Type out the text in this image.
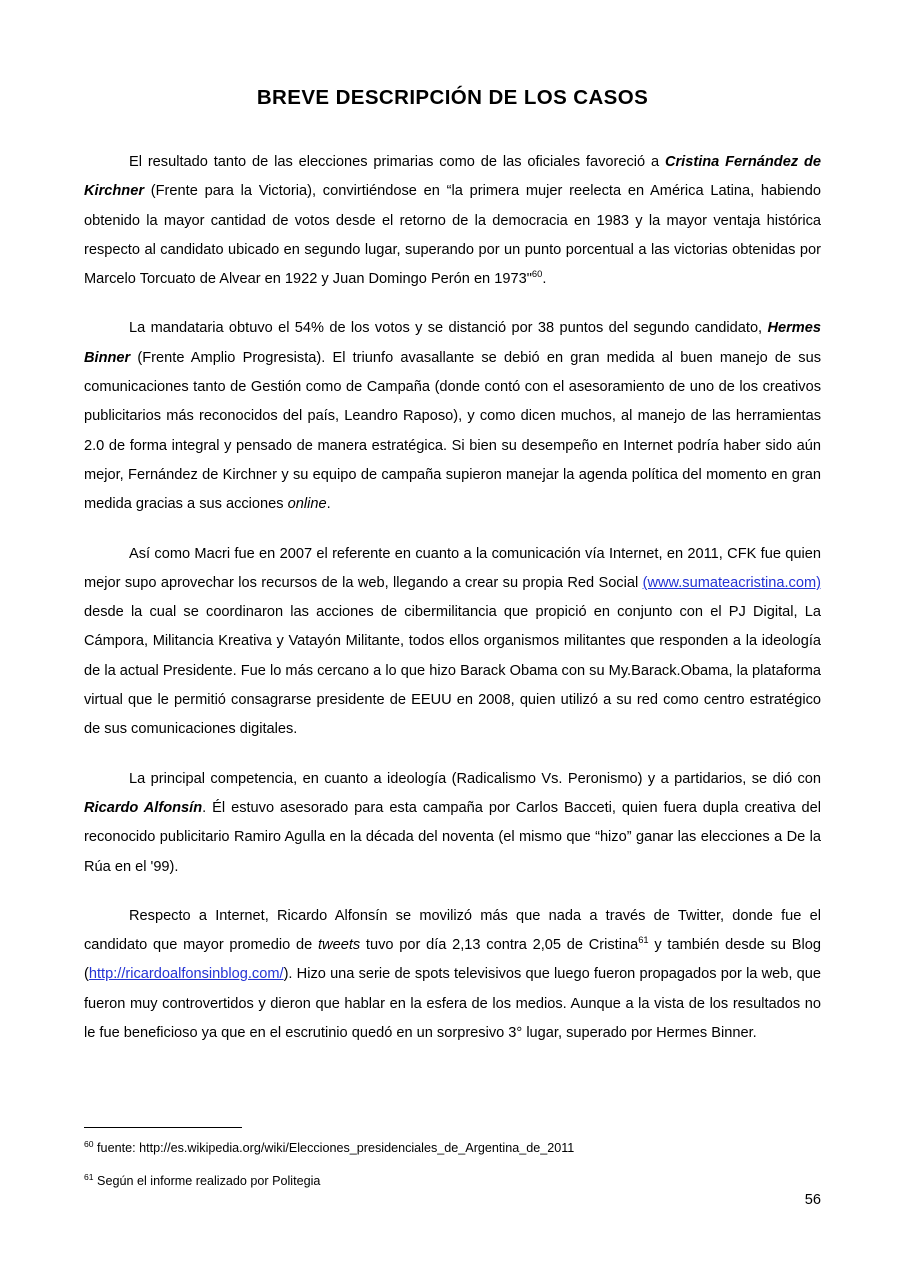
BREVE DESCRIPCIÓN DE LOS CASOS

El resultado tanto de las elecciones primarias como de las oficiales favoreció a Cristina Fernández de Kirchner (Frente para la Victoria), convirtiéndose en “la primera mujer reelecta en América Latina, habiendo obtenido la mayor cantidad de votos desde el retorno de la democracia en 1983 y la mayor ventaja histórica respecto al candidato ubicado en segundo lugar, superando por un punto porcentual a las victorias obtenidas por Marcelo Torcuato de Alvear en 1922 y Juan Domingo Perón en 1973"$^{60}$.

La mandataria obtuvo el 54% de los votos y se distanció por 38 puntos del segundo candidato, Hermes Binner (Frente Amplio Progresista). El triunfo avasallante se debió en gran medida al buen manejo de sus comunicaciones tanto de Gestión como de Campaña (donde contó con el asesoramiento de uno de los creativos publicitarios más reconocidos del país, Leandro Raposo), y como dicen muchos, al manejo de las herramientas 2.0 de forma integral y pensado de manera estratégica. Si bien su desempeño en Internet podría haber sido aún mejor, Fernández de Kirchner y su equipo de campaña supieron manejar la agenda política del momento en gran medida gracias a sus acciones online.

Así como Macri fue en 2007 el referente en cuanto a la comunicación vía Internet, en 2011, CFK fue quien mejor supo aprovechar los recursos de la web, llegando a crear su propia Red Social (www.sumateacristina.com) desde la cual se coordinaron las acciones de cibermilitancia que propició en conjunto con el PJ Digital, La Cámpora, Militancia Kreativa y Vatayón Militante, todos ellos organismos militantes que responden a la ideología de la actual Presidente. Fue lo más cercano a lo que hizo Barack Obama con su My.Barack.Obama, la plataforma virtual que le permitió consagrarse presidente de EEUU en 2008, quien utilizó a su red como centro estratégico de sus comunicaciones digitales.

La principal competencia, en cuanto a ideología (Radicalismo Vs. Peronismo) y a partidarios, se dió con Ricardo Alfonsín. Él estuvo asesorado para esta campaña por Carlos Bacceti, quien fuera dupla creativa del reconocido publicitario Ramiro Agulla en la década del noventa (el mismo que “hizo” ganar las elecciones a De la Rúa en el '99).

Respecto a Internet, Ricardo Alfonsín se movilizó más que nada a través de Twitter, donde fue el candidato que mayor promedio de tweets tuvo por día 2,13 contra 2,05 de Cristina$^{61}$ y también desde su Blog (http://ricardoalfonsinblog.com/). Hizo una serie de spots televisivos que luego fueron propagados por la web, que fueron muy controvertidos y dieron que hablar en la esfera de los medios. Aunque a la vista de los resultados no le fue beneficioso ya que en el escrutinio quedó en un sorpresivo 3° lugar, superado por Hermes Binner.

$^{60}$ fuente: http://es.wikipedia.org/wiki/Elecciones_presidenciales_de_Argentina_de_2011

$^{61}$ Según el informe realizado por Politegia

56
